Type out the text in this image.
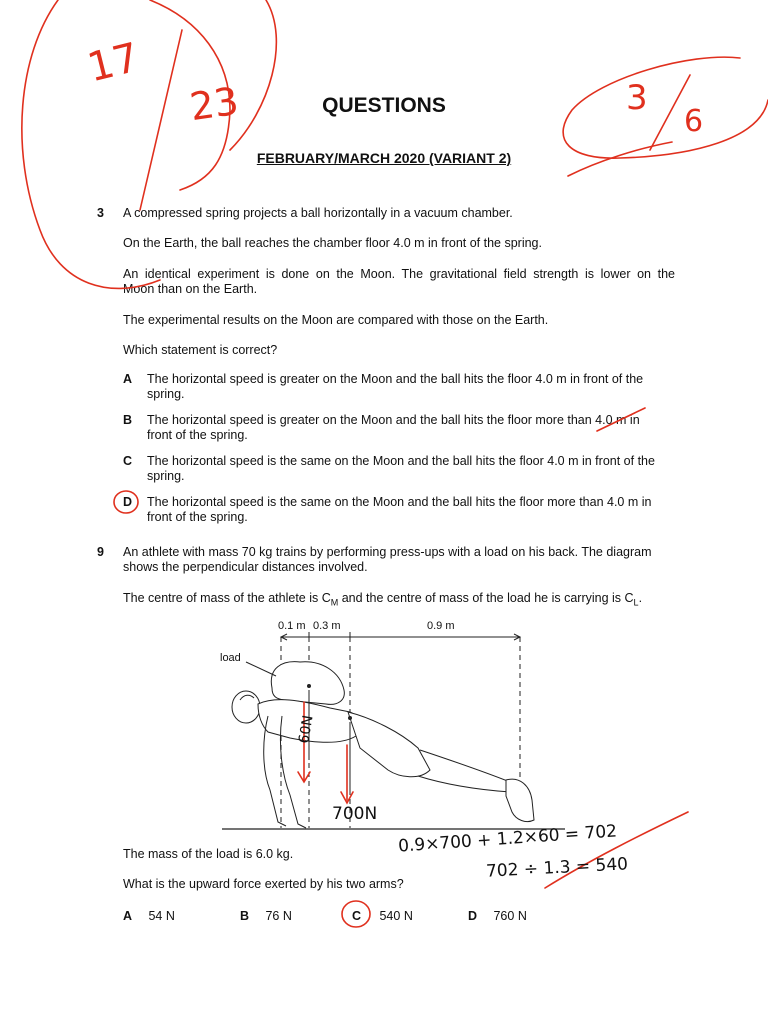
QUESTIONS
FEBRUARY/MARCH 2020 (VARIANT 2)
3 A compressed spring projects a ball horizontally in a vacuum chamber.
On the Earth, the ball reaches the chamber floor 4.0 m in front of the spring.
An identical experiment is done on the Moon. The gravitational field strength is lower on the
Moon than on the Earth.
The experimental results on the Moon are compared with those on the Earth.
Which statement is correct?
A The horizontal speed is greater on the Moon and the ball hits the floor 4.0 m in front of the
spring.
B The horizontal speed is greater on the Moon and the ball hits the floor more than 4.0 m in
front of the spring.
C The horizontal speed is the same on the Moon and the ball hits the floor 4.0 m in front of the
spring.
D The horizontal speed is the same on the Moon and the ball hits the floor more than 4.0 m in
front of the spring.
9 An athlete with mass 70 kg trains by performing press-ups with a load on his back. The diagram
shows the perpendicular distances involved.
The centre of mass of the athlete is $C_M$ and the centre of mass of the load he is carrying is $C_L$.
0.1 m 0.3 m	0.9 m
load
17
23	3
6
60N
700N
0.9×700 + 1.2×60 = 702
702 ÷ 1.3 = 540
The mass of the load is 6.0 kg.
What is the upward force exerted by his two arms?
A 54 N	B 76 N	C 540 N	D 760 N
